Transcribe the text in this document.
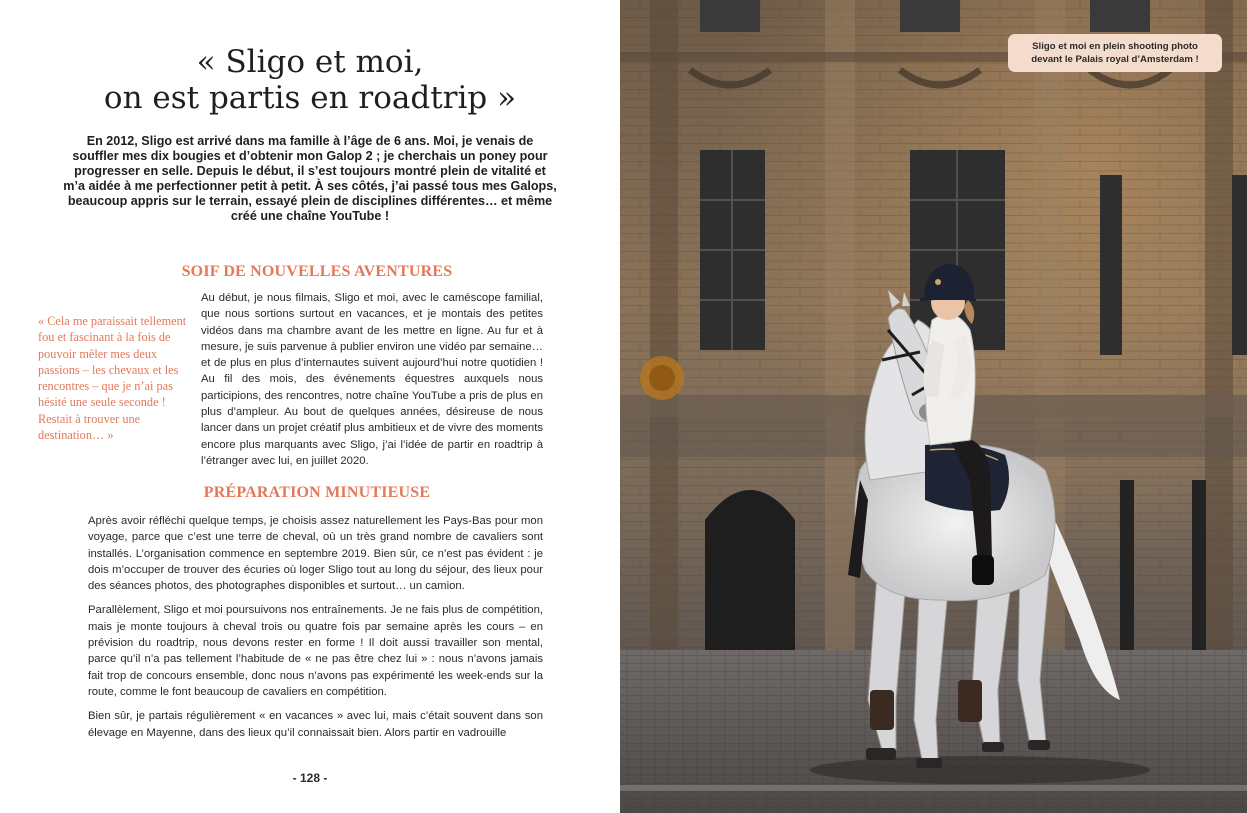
« Sligo et moi,
on est partis en roadtrip »

En 2012, Sligo est arrivé dans ma famille à l’âge de 6 ans. Moi, je venais de souffler mes dix bougies et d’obtenir mon Galop 2 ; je cherchais un poney pour progresser en selle. Depuis le début, il s’est toujours montré plein de vitalité et m’a aidée à me perfectionner petit à petit. À ses côtés, j’ai passé tous mes Galops, beaucoup appris sur le terrain, essayé plein de disciplines différentes… et même créé une chaîne YouTube !

SOIF DE NOUVELLES AVENTURES

« Cela me paraissait tellement fou et fascinant à la fois de pouvoir mêler mes deux passions – les chevaux et les rencontres – que je n’ai pas hésité une seule seconde ! Restait à trouver une destination… »

Au début, je nous filmais, Sligo et moi, avec le caméscope familial, que nous sortions surtout en vacances, et je montais des petites vidéos dans ma chambre avant de les mettre en ligne. Au fur et à mesure, je suis parvenue à publier environ une vidéo par semaine… et de plus en plus d’internautes suivent aujourd’hui notre quotidien ! Au fil des mois, des événements équestres auxquels nous participions, des rencontres, notre chaîne YouTube a pris de plus en plus d’ampleur. Au bout de quelques années, désireuse de nous lancer dans un projet créatif plus ambitieux et de vivre des moments encore plus marquants avec Sligo, j’ai l’idée de partir en roadtrip à l’étranger avec lui, en juillet 2020.

PRÉPARATION MINUTIEUSE

Après avoir réfléchi quelque temps, je choisis assez naturellement les Pays-Bas pour mon voyage, parce que c’est une terre de cheval, où un très grand nombre de cavaliers sont installés. L’organisation commence en septembre 2019. Bien sûr, ce n’est pas évident : je dois m’occuper de trouver des écuries où loger Sligo tout au long du séjour, des lieux pour des séances photos, des photographes disponibles et surtout… un camion.

Parallèlement, Sligo et moi poursuivons nos entraînements. Je ne fais plus de compétition, mais je monte toujours à cheval trois ou quatre fois par semaine après les cours – en prévision du roadtrip, nous devons rester en forme ! Il doit aussi travailler son mental, parce qu’il n’a pas tellement l’habitude de « ne pas être chez lui » : nous n’avons jamais fait trop de concours ensemble, donc nous n’avons pas expérimenté les week-ends sur la route, comme le font beaucoup de cavaliers en compétition.

Bien sûr, je partais régulièrement « en vacances » avec lui, mais c’était souvent dans son élevage en Mayenne, dans des lieux qu’il connaissait bien. Alors partir en vadrouille

- 128 -
Sligo et moi en plein shooting photo devant le Palais royal d’Amsterdam !
